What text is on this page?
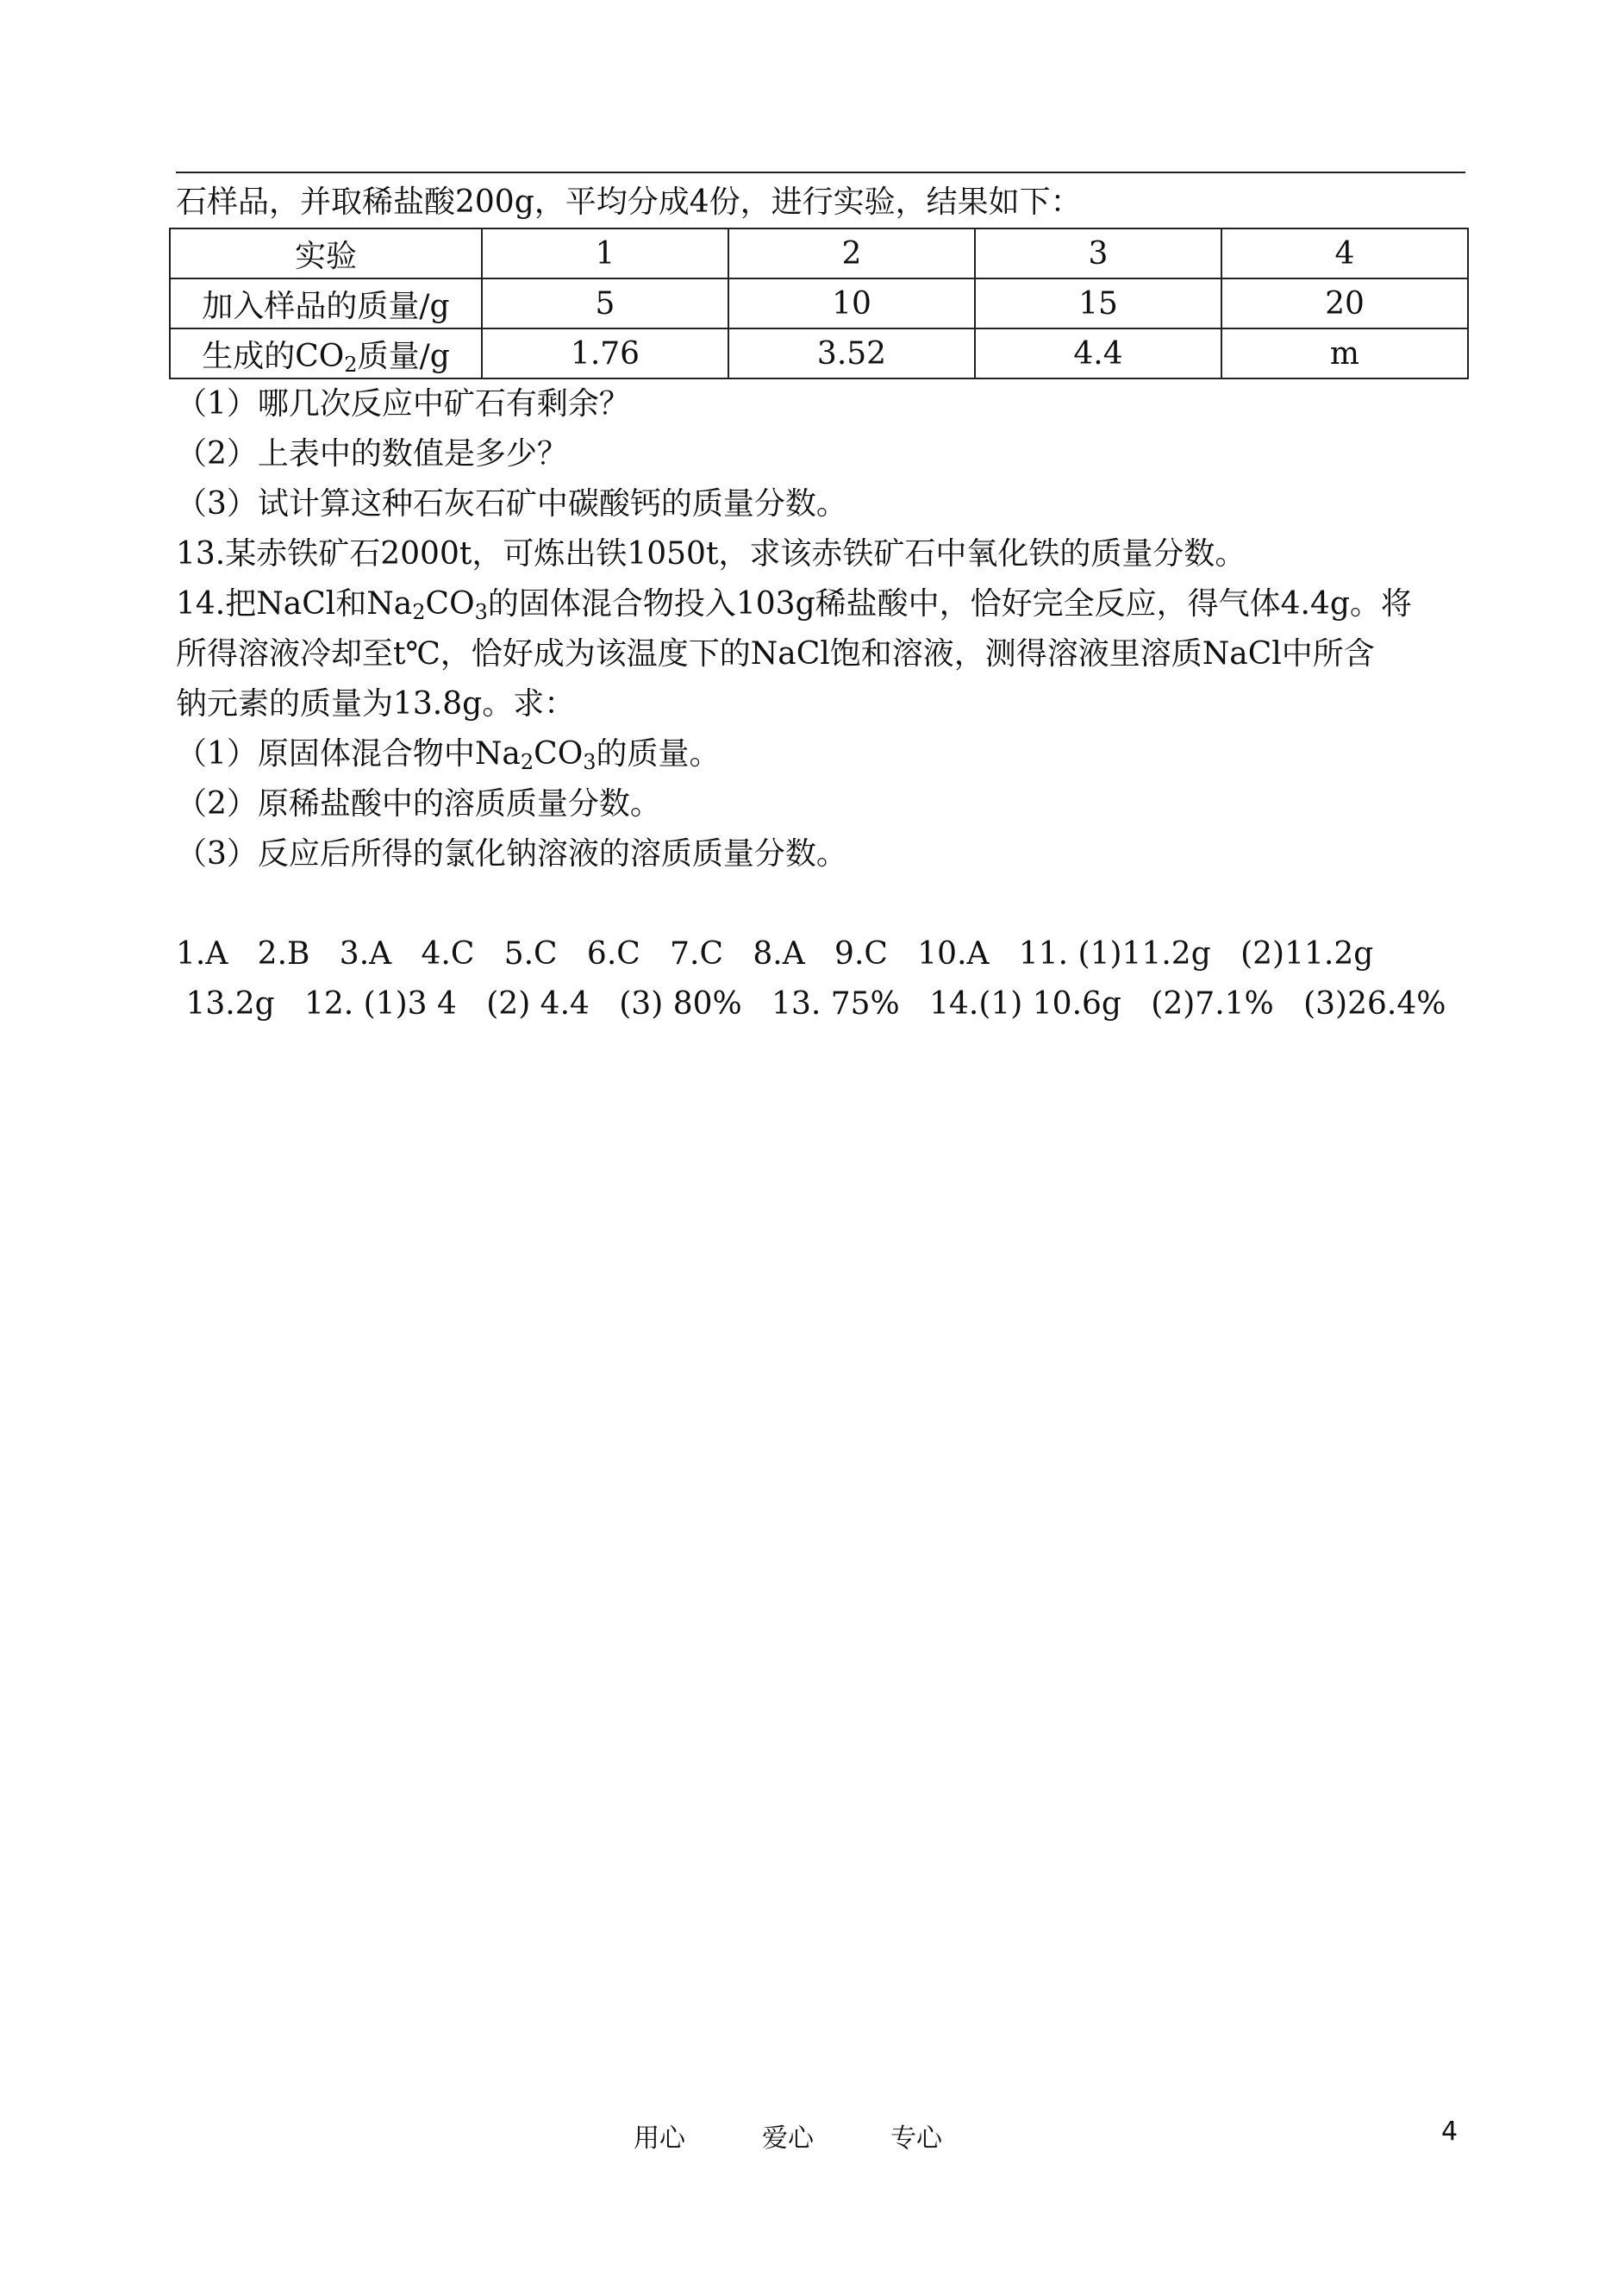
石样品，并取稀盐酸200g，平均分成4份，进行实验，结果如下：
实验	1	2	3	4
加入样品的质量/g	5	10	15	20
生成的$CO_2$质量/g	1.76	3.52	4.4	m
（1）哪几次反应中矿石有剩余？
（2）上表中的数值是多少？
（3）试计算这种石灰石矿中碳酸钙的质量分数。
13.某赤铁矿石2000t，可炼出铁1050t，求该赤铁矿石中氧化铁的质量分数。
14.把NaCl和$Na_2CO_3$的固体混合物投入103g稀盐酸中，恰好完全反应，得气体4.4g。将
所得溶液冷却至t℃，恰好成为该温度下的NaCl饱和溶液，测得溶液里溶质NaCl中所含
钠元素的质量为13.8g。求：
（1）原固体混合物中$Na_2CO_3$的质量。
（2）原稀盐酸中的溶质质量分数。
（3）反应后所得的氯化钠溶液的溶质质量分数。
1.A   2.B   3.A   4.C   5.C   6.C   7.C   8.A   9.C   10.A   11. (1)11.2g   (2)11.2g
13.2g   12. (1)3 4   (2) 4.4   (3) 80%   13. 75%   14.(1) 10.6g   (2)7.1%   (3)26.4%
用心	爱心	专心	4
